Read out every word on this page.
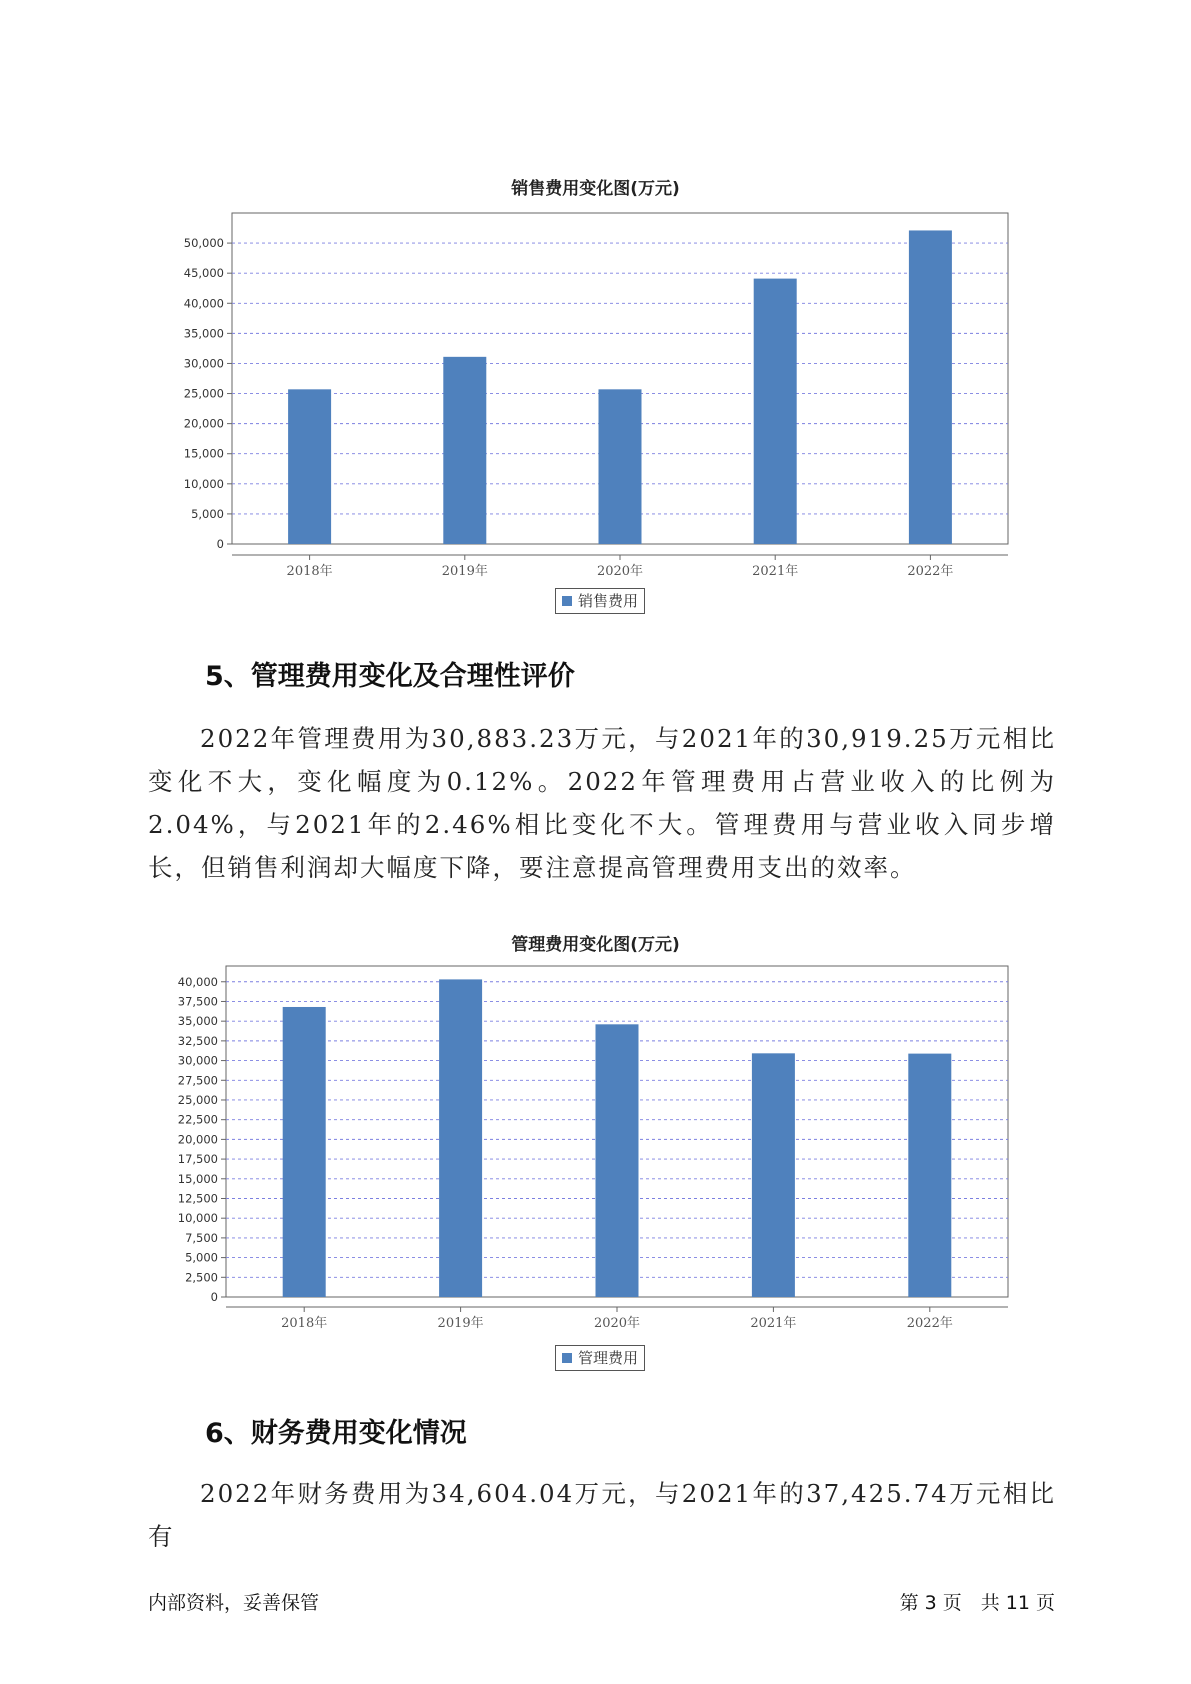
销售费用变化图(万元)
0
5,000
10,000
15,000
20,000
25,000
30,000
35,000
40,000
45,000
50,000
2018年	2019年	2020年	2021年	2022年
销售费用
5、管理费用变化及合理性评价
2022年管理费用为30,883.23万元，与2021年的30,919.25万元相比变化不大，变化幅度为0.12%。2022年管理费用占营业收入的比例为2.04%，与2021年的2.46%相比变化不大。管理费用与营业收入同步增长，但销售利润却大幅度下降，要注意提高管理费用支出的效率。
管理费用变化图(万元)
0
2,500
5,000
7,500
10,000
12,500
15,000
17,500
20,000
22,500
25,000
27,500
30,000
32,500
35,000
37,500
40,000
2018年	2019年	2020年	2021年	2022年
管理费用
6、财务费用变化情况
2022年财务费用为34,604.04万元，与2021年的37,425.74万元相比有
内部资料，妥善保管	第 3 页　共 11 页
